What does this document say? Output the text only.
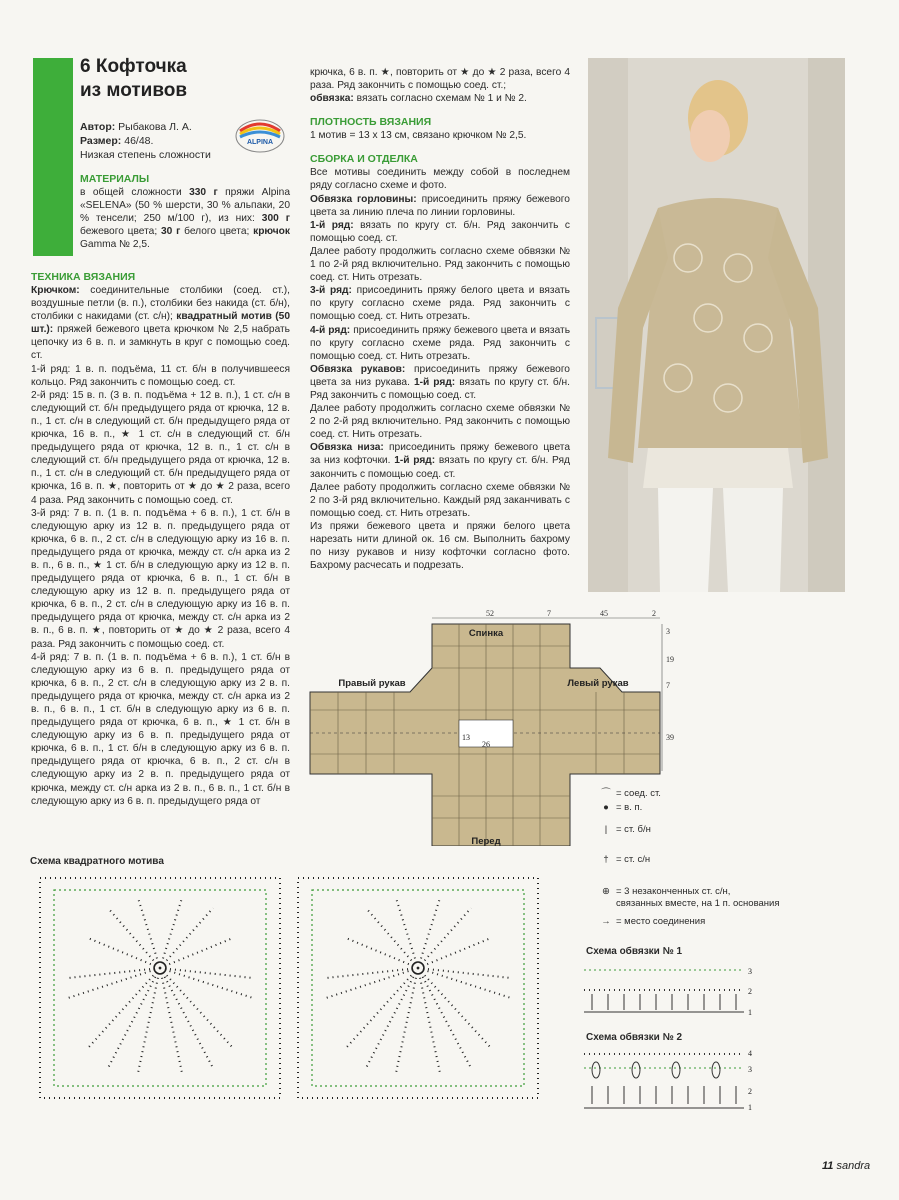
6 Кофточка
из мотивов
Автор: Рыбакова Л. А.
Размер: 46/48.
Низкая степень сложности
ALPINA
МАТЕРИАЛЫ

в общей сложности 330 г пряжи Alpina «SELENA» (50 % шерсти, 30 % альпаки, 20 % тенсели; 250 м/100 г), из них: 300 г бежевого цвета; 30 г белого цвета; крючок Gamma № 2,5.

ТЕХНИКА ВЯЗАНИЯ

Крючком: соединительные столбики (соед. ст.), воздушные петли (в. п.), столбики без накида (ст. б/н), столбики с накидами (ст. с/н); квадратный мотив (50 шт.): пряжей бежевого цвета крючком № 2,5 набрать цепочку из 6 в. п. и замкнуть в круг с помощью соед. ст.

1-й ряд: 1 в. п. подъёма, 11 ст. б/н в получившееся кольцо. Ряд закончить с помощью соед. ст.

2-й ряд: 15 в. п. (3 в. п. подъёма + 12 в. п.), 1 ст. с/н в следующий ст. б/н предыдущего ряда от крючка, 12 в. п., 1 ст. с/н в следующий ст. б/н предыдущего ряда от крючка, 16 в. п., ★ 1 ст. с/н в следующий ст. б/н предыдущего ряда от крючка, 12 в. п., 1 ст. с/н в следующий ст. б/н предыдущего ряда от крючка, 12 в. п., 1 ст. с/н в следующий ст. б/н предыдущего ряда от крючка, 16 в. п. ★, повторить от ★ до ★ 2 раза, всего 4 раза. Ряд закончить с помощью соед. ст.

3-й ряд: 7 в. п. (1 в. п. подъёма + 6 в. п.), 1 ст. б/н в следующую арку из 12 в. п. предыдущего ряда от крючка, 6 в. п., 2 ст. с/н в следующую арку из 16 в. п. предыдущего ряда от крючка, между ст. с/н арка из 2 в. п., 6 в. п., ★ 1 ст. б/н в следующую арку из 12 в. п. предыдущего ряда от крючка, 6 в. п., 1 ст. б/н в следующую арку из 12 в. п. предыдущего ряда от крючка, 6 в. п., 2 ст. с/н в следующую арку из 16 в. п. предыдущего ряда от крючка, между ст. с/н арка из 2 в. п., 6 в. п. ★, повторить от ★ до ★ 2 раза, всего 4 раза. Ряд закончить с помощью соед. ст.

4-й ряд: 7 в. п. (1 в. п. подъёма + 6 в. п.), 1 ст. б/н в следующую арку из 6 в. п. предыдущего ряда от крючка, 6 в. п., 2 ст. с/н в следующую арку из 2 в. п. предыдущего ряда от крючка, между ст. с/н арка из 2 в. п., 6 в. п., 1 ст. б/н в следующую арку из 6 в. п. предыдущего ряда от крючка, 6 в. п., ★ 1 ст. б/н в следующую арку из 6 в. п. предыдущего ряда от крючка, 6 в. п., 1 ст. б/н в следующую арку из 6 в. п. предыдущего ряда от крючка, 6 в. п., 2 ст. с/н в следующую арку из 2 в. п. предыдущего ряда от крючка, между ст. с/н арка из 2 в. п., 6 в. п., 1 ст. б/н в следующую арку из 6 в. п. предыдущего ряда от

крючка, 6 в. п. ★, повторить от ★ до ★ 2 раза, всего 4 раза. Ряд закончить с помощью соед. ст.;

обвязка: вязать согласно схемам № 1 и № 2.

ПЛОТНОСТЬ ВЯЗАНИЯ

1 мотив = 13 х 13 см, связано крючком № 2,5.

СБОРКА И ОТДЕЛКА

Все мотивы соединить между собой в последнем ряду согласно схеме и фото.

Обвязка горловины: присоединить пряжу бежевого цвета за линию плеча по линии горловины.

1-й ряд: вязать по кругу ст. б/н. Ряд закончить с помощью соед. ст.

Далее работу продолжить согласно схеме обвязки № 1 по 2-й ряд включительно. Ряд закончить с помощью соед. ст. Нить отрезать.

3-й ряд: присоединить пряжу белого цвета и вязать по кругу согласно схеме ряда. Ряд закончить с помощью соед. ст. Нить отрезать.

4-й ряд: присоединить пряжу бежевого цвета и вязать по кругу согласно схеме ряда. Ряд закончить с помощью соед. ст. Нить отрезать.

Обвязка рукавов: присоединить пряжу бежевого цвета за низ рукава. 1-й ряд: вязать по кругу ст. б/н. Ряд закончить с помощью соед. ст.

Далее работу продолжить согласно схеме обвязки № 2 по 2-й ряд включительно. Ряд закончить с помощью соед. ст. Нить отрезать.

Обвязка низа: присоединить пряжу бежевого цвета за низ кофточки. 1-й ряд: вязать по кругу ст. б/н. Ряд закончить с помощью соед. ст.

Далее работу продолжить согласно схеме обвязки № 2 по 3-й ряд включительно. Каждый ряд заканчивать с помощью соед. ст. Нить отрезать.

Из пряжи бежевого цвета и пряжи белого цвета нарезать нити длиной ок. 16 см. Выполнить бахрому по низу рукавов и низу кофточки согласно фото. Бахрому расчесать и подрезать.

52	7	45	2
3
19
7
39
Спинка
Перед
Правый рукав	Левый рукав
26
13
⌒ = соед. ст.
● = в. п.
| = ст. б/н
† = ст. с/н
⊕ = 3 незаконченных ст. с/н,
связанных вместе, на 1 п. основания
→ = место соединения
Схема квадратного мотива
Схема обвязки № 1
3
2
1
Схема обвязки № 2
4
3
2
1
11 sandra
